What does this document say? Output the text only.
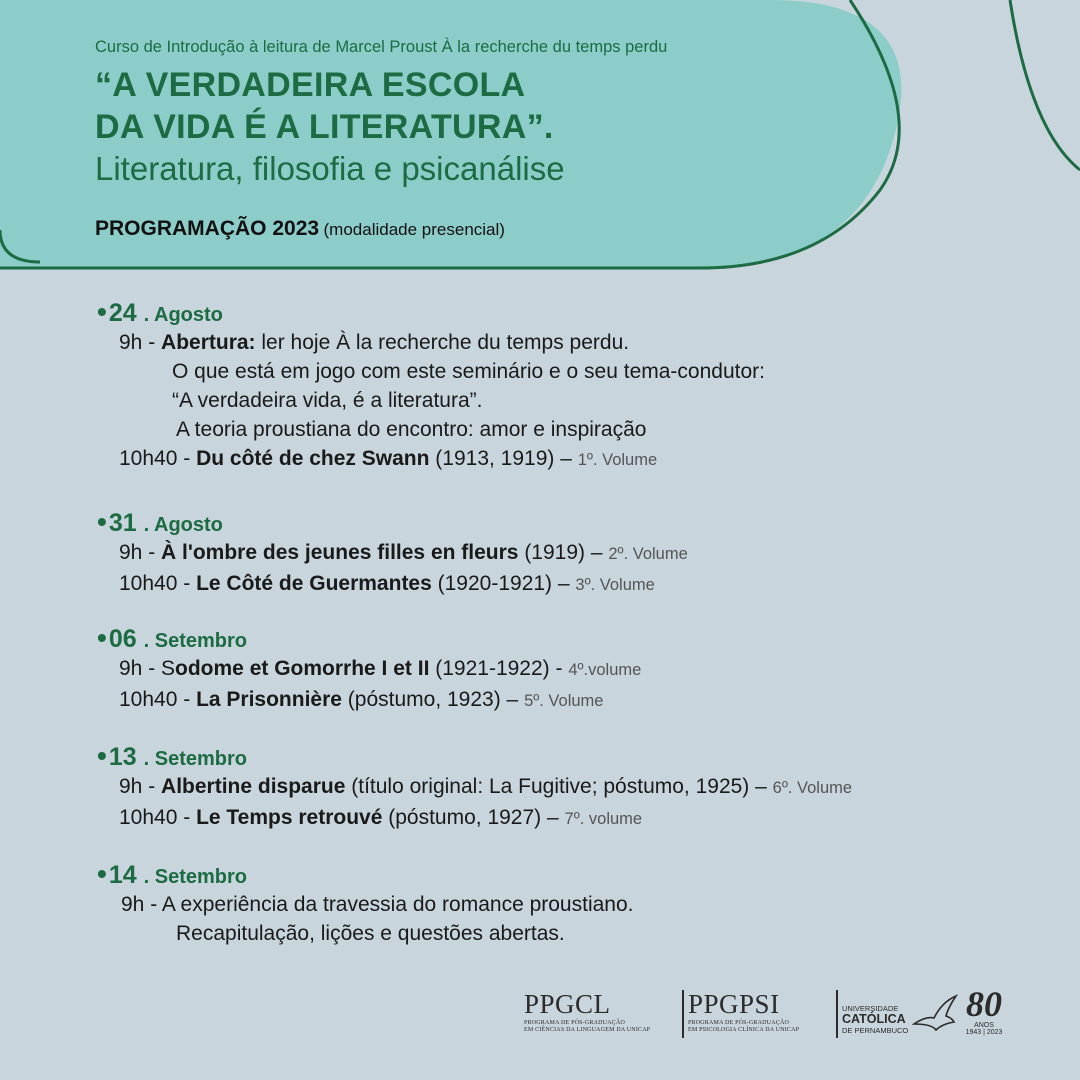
Curso de Introdução à leitura de Marcel Proust À la recherche du temps perdu
“A VERDADEIRA ESCOLA
DA VIDA É A LITERATURA”.
Literatura, filosofia e psicanálise
PROGRAMAÇÃO 2023 (modalidade presencial)
• 24 . Agosto
9h - Abertura: ler hoje À la recherche du temps perdu.
O que está em jogo com este seminário e o seu tema-condutor:
“A verdadeira vida, é a literatura”.
A teoria proustiana do encontro: amor e inspiração
10h40 - Du côté de chez Swann (1913, 1919) – 1º. Volume
• 31 . Agosto
9h - À l'ombre des jeunes filles en fleurs (1919) – 2º. Volume
10h40 - Le Côté de Guermantes (1920-1921) – 3º. Volume
• 06 . Setembro
9h - Sodome et Gomorrhe I et II (1921-1922) - 4º.volume
10h40 - La Prisonnière (póstumo, 1923) – 5º. Volume
• 13 . Setembro
9h - Albertine disparue (título original: La Fugitive; póstumo, 1925) – 6º. Volume
10h40 - Le Temps retrouvé (póstumo, 1927) – 7º. volume
• 14 . Setembro
9h - A experiência da travessia do romance proustiano.
Recapitulação, lições e questões abertas.
PPGCL
PROGRAMA DE PÓS-GRADUAÇÃO
EM CIÊNCIAS DA LINGUAGEM DA UNICAP
PPGPSI
PROGRAMA DE PÓS-GRADUAÇÃO
EM PSICOLOGIA CLÍNICA DA UNICAP
UNIVERSIDADE
CATÓLICA
DE PERNAMBUCO
80
ANOS
1943 | 2023
